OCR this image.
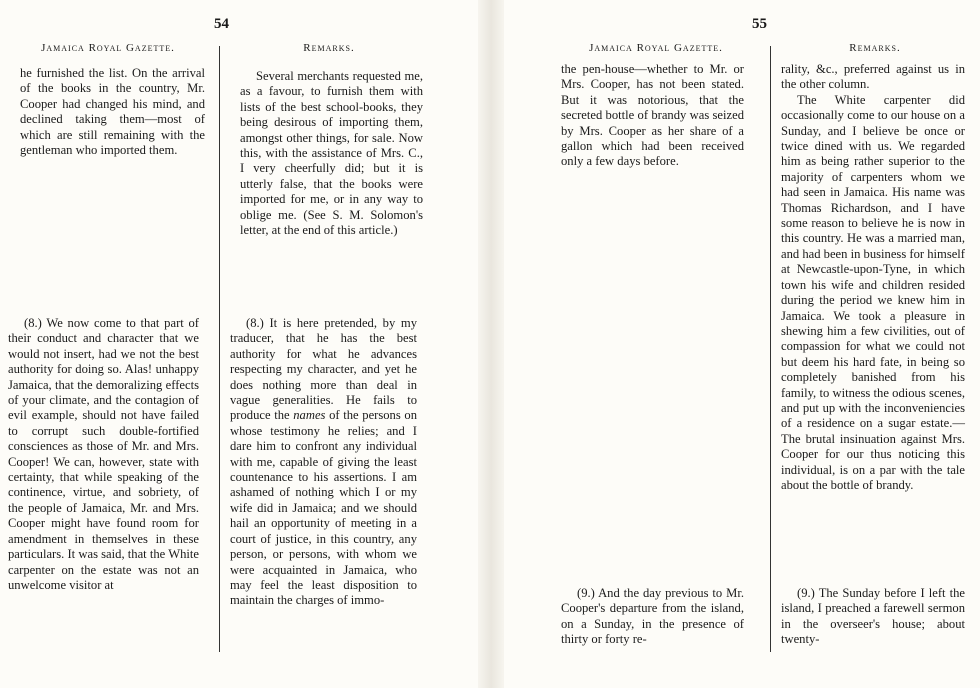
54
Jamaica Royal Gazette.	Remarks.

he furnished the list. On the arrival of the books in the country, Mr. Cooper had changed his mind, and declined taking them—most of which are still remaining with the gentleman who imported them.

Several merchants requested me, as a favour, to furnish them with lists of the best school-books, they being desirous of importing them, amongst other things, for sale. Now this, with the assistance of Mrs. C., I very cheerfully did; but it is utterly false, that the books were imported for me, or in any way to oblige me. (See S. M. Solomon's letter, at the end of this article.)

(8.) We now come to that part of their conduct and character that we would not insert, had we not the best authority for doing so. Alas! unhappy Jamaica, that the demoralizing effects of your climate, and the contagion of evil example, should not have failed to corrupt such double-fortified consciences as those of Mr. and Mrs. Cooper! We can, however, state with certainty, that while speaking of the continence, virtue, and sobriety, of the people of Jamaica, Mr. and Mrs. Cooper might have found room for amendment in themselves in these particulars. It was said, that the White carpenter on the estate was not an unwelcome visitor at

(8.) It is here pretended, by my traducer, that he has the best authority for what he advances respecting my character, and yet he does nothing more than deal in vague generalities. He fails to produce the names of the persons on whose testimony he relies; and I dare him to confront any individual with me, capable of giving the least countenance to his assertions. I am ashamed of nothing which I or my wife did in Jamaica; and we should hail an opportunity of meeting in a court of justice, in this country, any person, or persons, with whom we were acquainted in Jamaica, who may feel the least disposition to maintain the charges of immo-

55
Jamaica Royal Gazette.	Remarks.

the pen-house—whether to Mr. or Mrs. Cooper, has not been stated. But it was notorious, that the secreted bottle of brandy was seized by Mrs. Cooper as her share of a gallon which had been received only a few days before.

rality, &c., preferred against us in the other column.

The White carpenter did occasionally come to our house on a Sunday, and I believe be once or twice dined with us. We regarded him as being rather superior to the majority of carpenters whom we had seen in Jamaica. His name was Thomas Richardson, and I have some reason to believe he is now in this country. He was a married man, and had been in business for himself at Newcastle-upon-Tyne, in which town his wife and children resided during the period we knew him in Jamaica. We took a pleasure in shewing him a few civilities, out of compassion for what we could not but deem his hard fate, in being so completely banished from his family, to witness the odious scenes, and put up with the inconveniencies of a residence on a sugar estate.—The brutal insinuation against Mrs. Cooper for our thus noticing this individual, is on a par with the tale about the bottle of brandy.

(9.) And the day previous to Mr. Cooper's departure from the island, on a Sunday, in the presence of thirty or forty re-

(9.) The Sunday before I left the island, I preached a farewell sermon in the overseer's house; about twenty-
